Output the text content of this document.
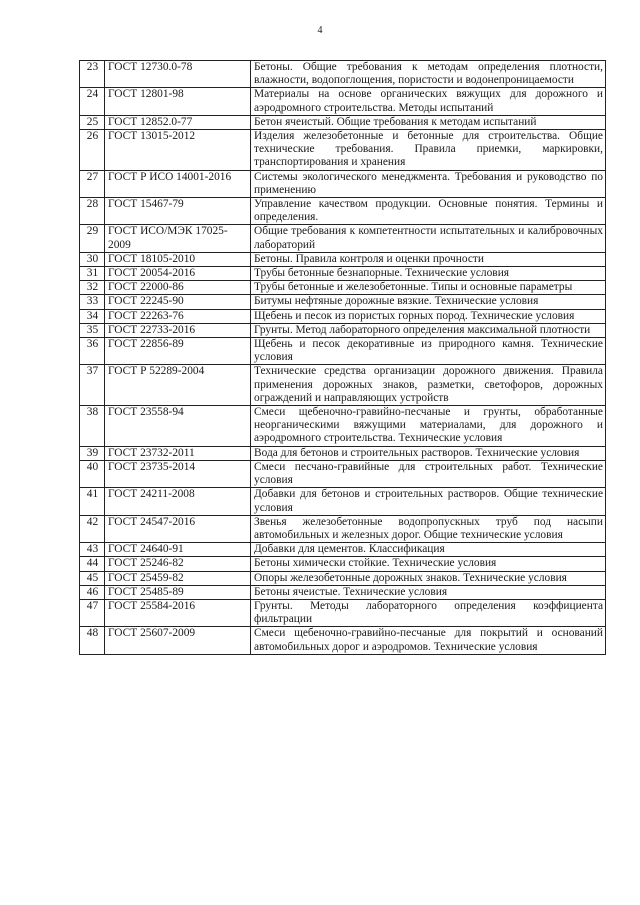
4
23	ГОСТ 12730.0-78	Бетоны. Общие требования к методам определения плотности, влажности, водопоглощения, пористости и водонепроницаемости
24	ГОСТ 12801-98	Материалы на основе органических вяжущих для дорожного и аэродромного строительства. Методы испытаний
25	ГОСТ 12852.0-77	Бетон ячеистый. Общие требования к методам испытаний
26	ГОСТ 13015-2012	Изделия железобетонные и бетонные для строительства. Общие технические требования. Правила приемки, маркировки, транспортирования и хранения
27	ГОСТ Р ИСО 14001-2016	Системы экологического менеджмента. Требования и руководство по применению
28	ГОСТ 15467-79	Управление качеством продукции. Основные понятия. Термины и определения.
29	ГОСТ ИСО/МЭК 17025-2009	Общие требования к компетентности испытательных и калибровочных лабораторий
30	ГОСТ 18105-2010	Бетоны. Правила контроля и оценки прочности
31	ГОСТ 20054-2016	Трубы бетонные безнапорные. Технические условия
32	ГОСТ 22000-86	Трубы бетонные и железобетонные. Типы и основные параметры
33	ГОСТ 22245-90	Битумы нефтяные дорожные вязкие. Технические условия
34	ГОСТ 22263-76	Щебень и песок из пористых горных пород. Технические условия
35	ГОСТ 22733-2016	Грунты. Метод лабораторного определения максимальной плотности
36	ГОСТ 22856-89	Щебень и песок декоративные из природного камня. Технические условия
37	ГОСТ Р 52289-2004	Технические средства организации дорожного движения. Правила применения дорожных знаков, разметки, светофоров, дорожных ограждений и направляющих устройств
38	ГОСТ 23558-94	Смеси щебеночно-гравийно-песчаные и грунты, обработанные неорганическими вяжущими материалами, для дорожного и аэродромного строительства. Технические условия
39	ГОСТ 23732-2011	Вода для бетонов и строительных растворов. Технические условия
40	ГОСТ 23735-2014	Смеси песчано-гравийные для строительных работ. Технические условия
41	ГОСТ 24211-2008	Добавки для бетонов и строительных растворов. Общие технические условия
42	ГОСТ 24547-2016	Звенья железобетонные водопропускных труб под насыпи автомобильных и железных дорог. Общие технические условия
43	ГОСТ 24640-91	Добавки для цементов. Классификация
44	ГОСТ 25246-82	Бетоны химически стойкие. Технические условия
45	ГОСТ 25459-82	Опоры железобетонные дорожных знаков. Технические условия
46	ГОСТ 25485-89	Бетоны ячеистые. Технические условия
47	ГОСТ 25584-2016	Грунты. Методы лабораторного определения коэффициента фильтрации
48	ГОСТ 25607-2009	Смеси щебеночно-гравийно-песчаные для покрытий и оснований автомобильных дорог и аэродромов. Технические условия
